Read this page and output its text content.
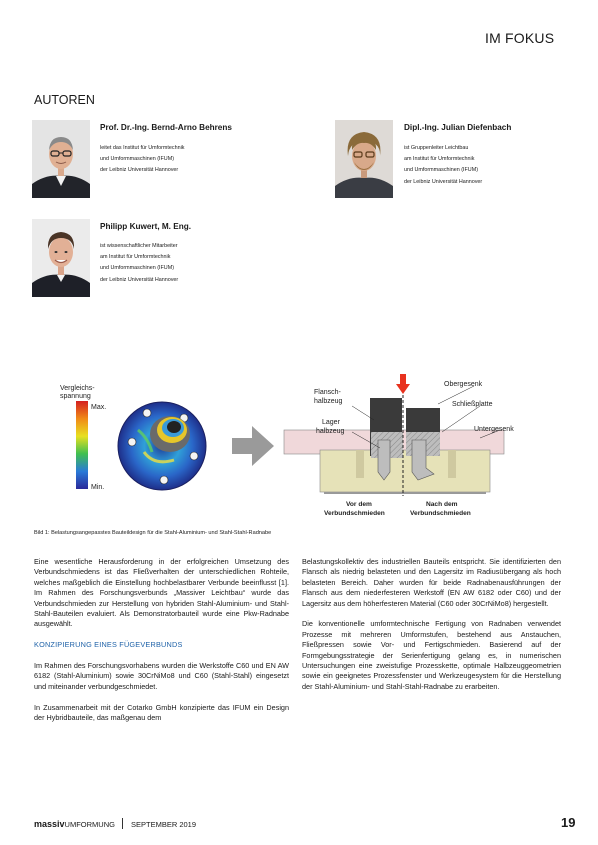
IM FOKUS
AUTOREN
Prof. Dr.-Ing. Bernd-Arno Behrens
leitet das Institut für Umformtechnik
und Umformmaschinen (IFUM)
der Leibniz Universität Hannover
Dipl.-Ing. Julian Diefenbach
ist Gruppenleiter Leichtbau
am Institut für Umformtechnik
und Umformmaschinen (IFUM)
der Leibniz Universität Hannover
Philipp Kuwert, M. Eng.
ist wissenschaftlicher Mitarbeiter
am Institut für Umformtechnik
und Umformmaschinen (IFUM)
der Leibniz Universität Hannover
Vergleichs-spannung
Max.
Min.
Flansch-
halbzeug
Lager
halbzeug
Obergesenk
Schließplatte
Untergesenk
Vor dem
Verbundschmieden
Nach dem
Verbundschmieden
Bild 1: Belastungsangepasstes Bauteildesign für die Stahl-Aluminium- und Stahl-Stahl-Radnabe

Eine wesentliche Herausforderung in der erfolgreichen Umsetzung des Verbundschmiedens ist das Fließverhalten der unterschiedlichen Rohteile, welches maßgeblich die Einstellung hochbelastbarer Verbunde beeinflusst [1]. Im Rahmen des Forschungsverbunds „Massiver Leichtbau“ wurde das Verbundschmieden zur Herstellung von hybriden Stahl-Aluminium- und Stahl-Stahl-Bauteilen evaluiert. Als Demonstratorbauteil wurde eine Pkw-Radnabe ausgewählt.

KONZIPIERUNG EINES FÜGEVERBUNDS

Im Rahmen des Forschungsvorhabens wurden die Werkstoffe C60 und EN AW 6182 (Stahl-Aluminium) sowie 30CrNiMo8 und C60 (Stahl-Stahl) eingesetzt und miteinander verbundgeschmiedet.

In Zusammenarbeit mit der Cotarko GmbH konzipierte das IFUM ein Design der Hybridbauteile, das maßgenau dem

Belastungskollektiv des industriellen Bauteils entspricht. Sie identifizierten den Flansch als niedrig belasteten und den Lagersitz im Radiusübergang als hoch belasteten Bereich. Daher wurden für beide Radnabenausführungen der Flansch aus dem niederfesteren Werkstoff (EN AW 6182 oder C60) und der Lagersitz aus dem höherfesteren Material (C60 oder 30CrNiMo8) hergestellt.

Die konventionelle umformtechnische Fertigung von Radnaben verwendet Prozesse mit mehreren Umformstufen, bestehend aus Anstauchen, Fließpressen sowie Vor- und Fertigschmieden. Basierend auf der Formgebungsstrategie der Serienfertigung gelang es, in numerischen Untersuchungen eine zweistufige Prozesskette, optimale Halbzeuggeometrien sowie ein geeignetes Prozessfenster und Werkzeugesystem für die Herstellung der Stahl-Aluminium- und Stahl-Stahl-Radnabe zu erarbeiten.

massivUMFORMUNG SEPTEMBER 2019	19
